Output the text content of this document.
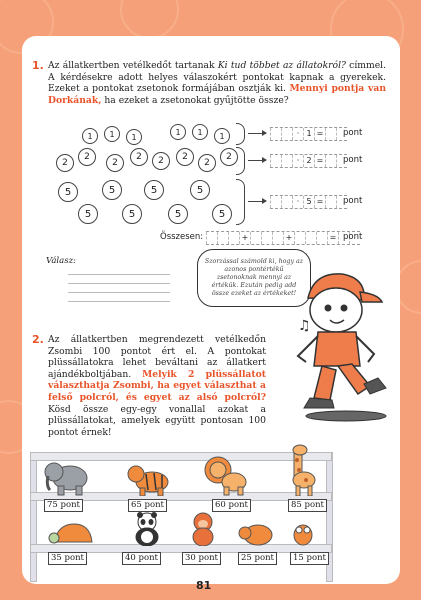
1. Az állatkertben vetélkedőt tartanak Ki tud többet az állatokról? címmel. A kérdésekre adott helyes válaszokért pontokat kapnak a gyerekek. Ezeket a pontokat zsetonok formájában osztják ki. Mennyi pontja van Dorkának, ha ezeket a zsetonokat gyűjtötte össze?
1	1	1
1	1	1
2
2
2
2	2	2
2
2
5
5
5
5
5
5
5
5
· 1 = pont
· 2 = pont
· 5 = pont
Összesen:	+	+	= pont
Válasz:	Szorzással számold ki, hogy az azonos pontértékű zsetonoknak mennyi az értékük. Ezután pedig add össze ezeket az értékeket!
♫
2. Az állatkertben megrendezett vetélkedőn Zsombi 100 pontot ért el. A pontokat plüssállatokra lehet beváltani az állatkert ajándékboltjában. Melyik 2 plüssállatot választhatja Zsombi, ha egyet választhat a felső polcról, és egyet az alsó polcról? Kösd össze egy-egy vonallal azokat a plüssállatokat, amelyek együtt pontosan 100 pontot érnek!
75 pont	65 pont	60 pont	85 pont
35 pont	40 pont	30 pont	25 pont	15 pont
81
